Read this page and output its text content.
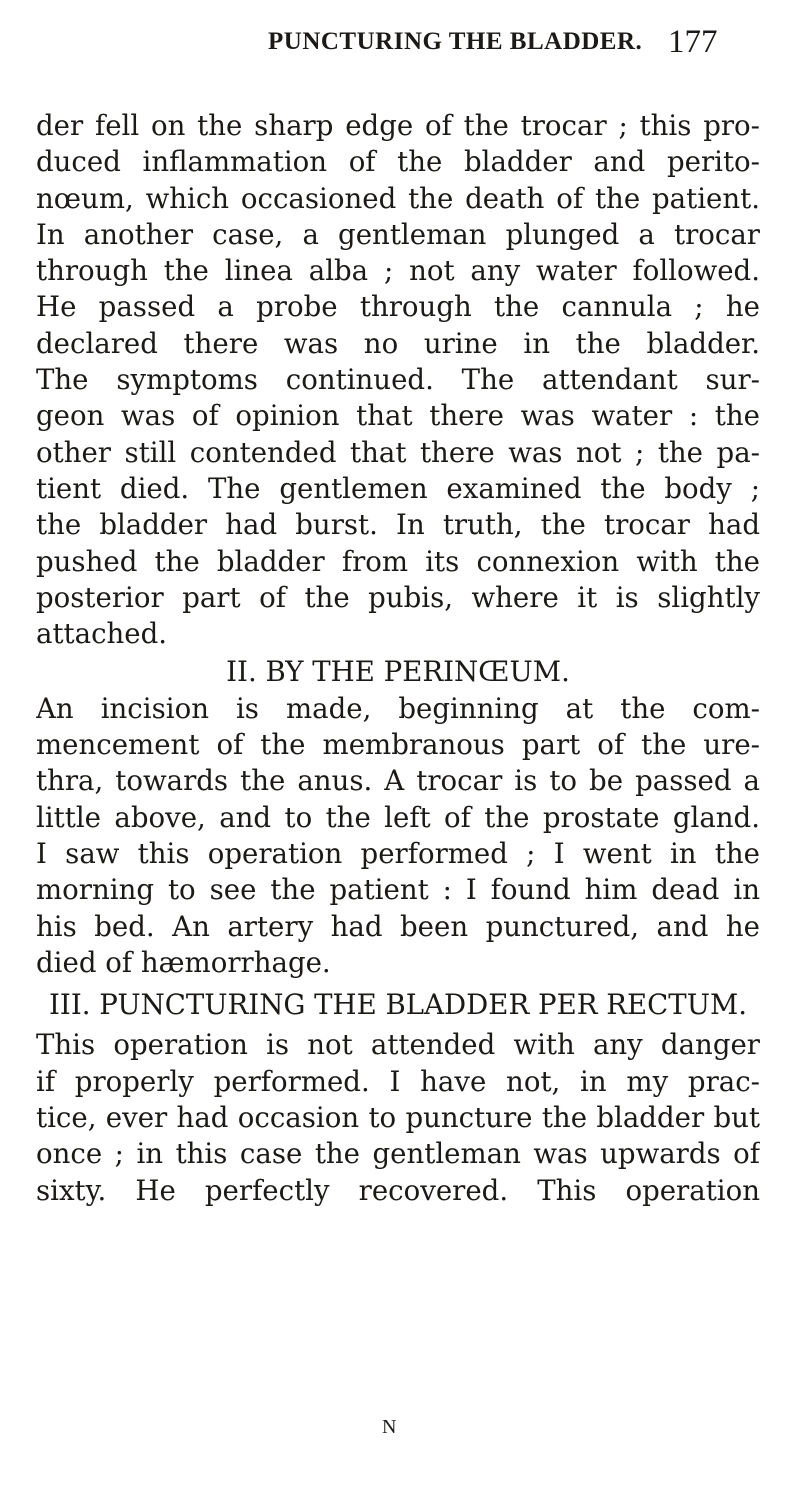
PUNCTURING THE BLADDER. 177
der fell on the sharp edge of the trocar ; this pro-
duced inflammation of the bladder and perito-
nœum, which occasioned the death of the patient.
In another case, a gentleman plunged a trocar
through the linea alba ; not any water followed.
He passed a probe through the cannula ; he
declared there was no urine in the bladder.
The symptoms continued. The attendant sur-
geon was of opinion that there was water : the
other still contended that there was not ; the pa-
tient died. The gentlemen examined the body ;
the bladder had burst. In truth, the trocar had
pushed the bladder from its connexion with the
posterior part of the pubis, where it is slightly
attached.
II. BY THE PERINŒUM.
An incision is made, beginning at the com-
mencement of the membranous part of the ure-
thra, towards the anus. A trocar is to be passed a
little above, and to the left of the prostate gland.
I saw this operation performed ; I went in the
morning to see the patient : I found him dead in
his bed. An artery had been punctured, and he
died of hæmorrhage.
III. PUNCTURING THE BLADDER PER RECTUM.
This operation is not attended with any danger
if properly performed. I have not, in my prac-
tice, ever had occasion to puncture the bladder but
once ; in this case the gentleman was upwards of
sixty. He perfectly recovered. This operation
N
